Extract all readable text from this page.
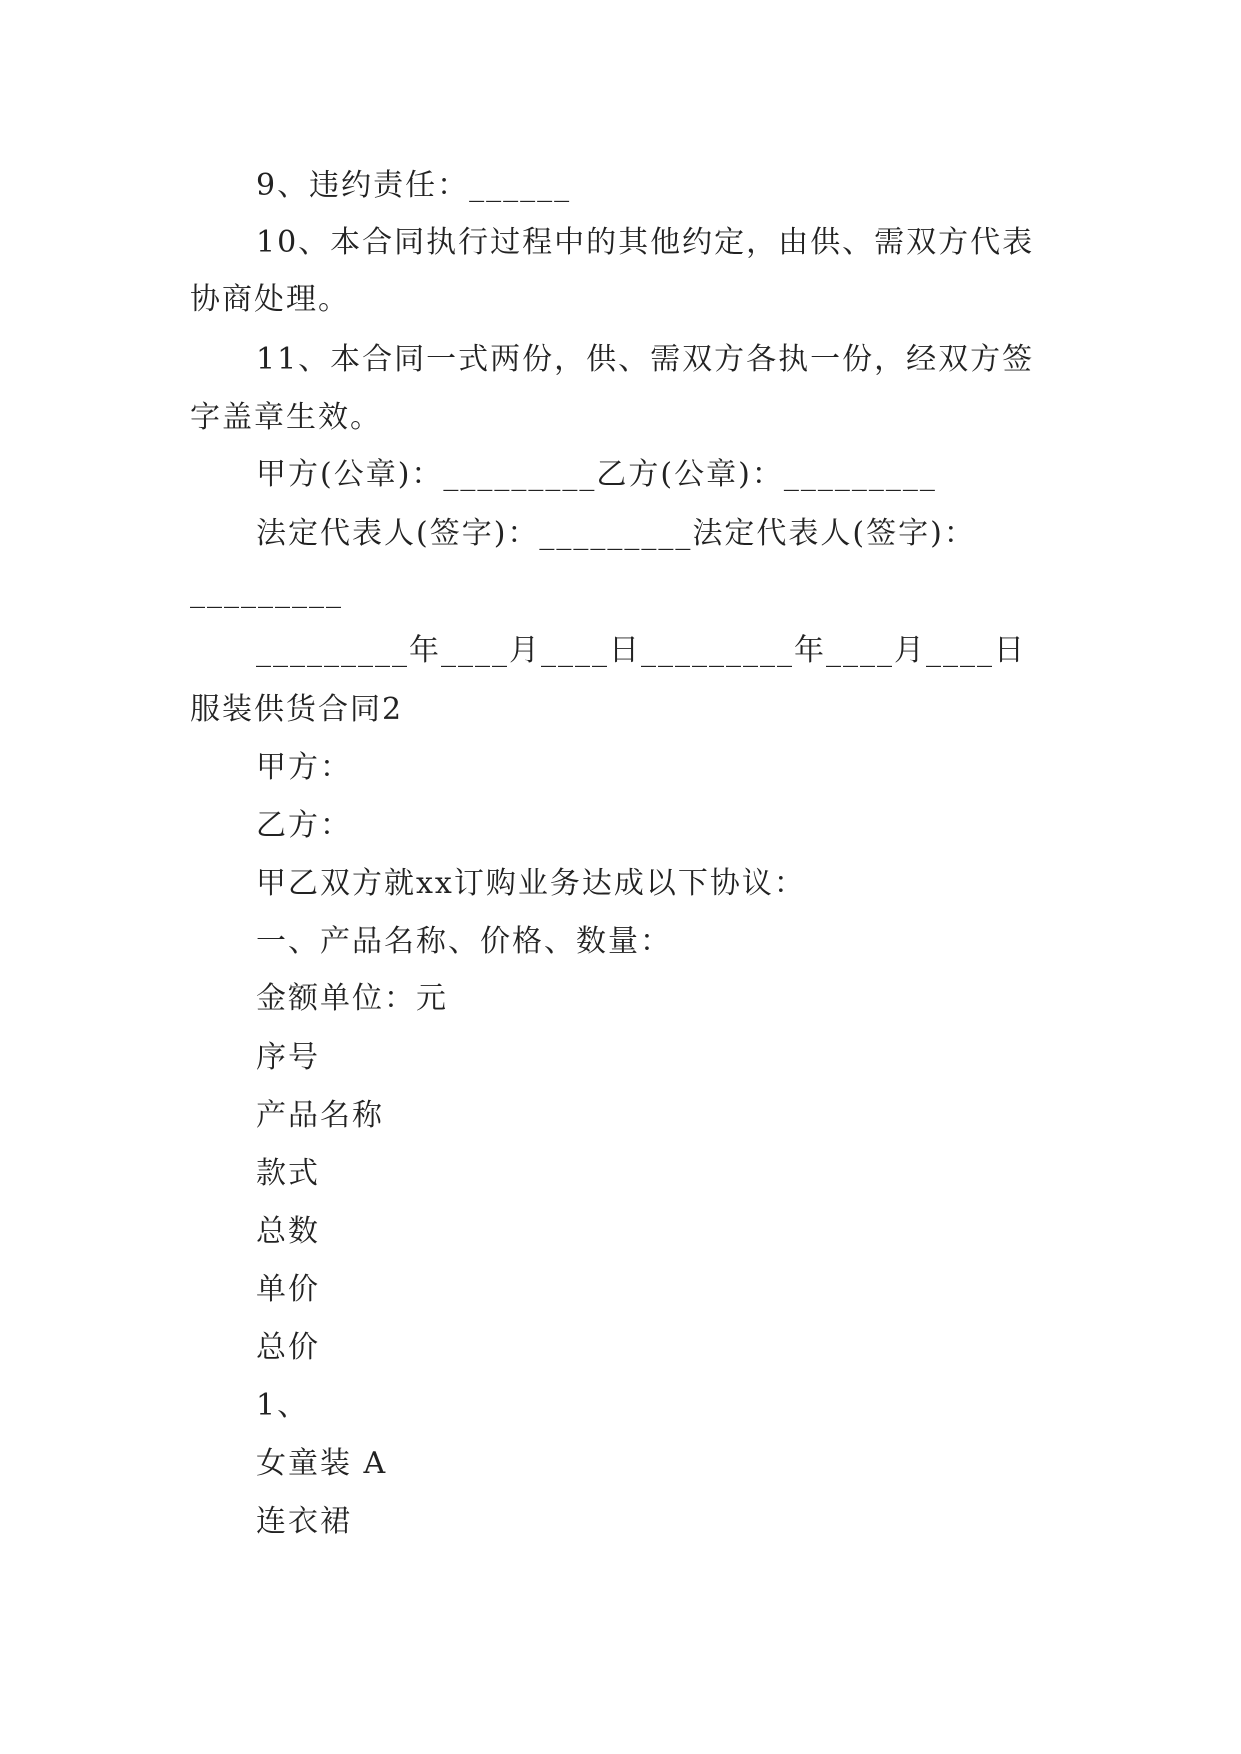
9、违约责任：______
10、本合同执行过程中的其他约定，由供、需双方代表
协商处理。
11、本合同一式两份，供、需双方各执一份，经双方签
字盖章生效。
甲方(公章)：_________乙方(公章)：_________
法定代表人(签字)：_________法定代表人(签字)：
_________
_________年____月____日_________年____月____日
服装供货合同2
甲方：
乙方：
甲乙双方就xx订购业务达成以下协议：
一、产品名称、价格、数量：
金额单位：元
序号
产品名称
款式
总数
单价
总价
1、
女童装 A
连衣裙
